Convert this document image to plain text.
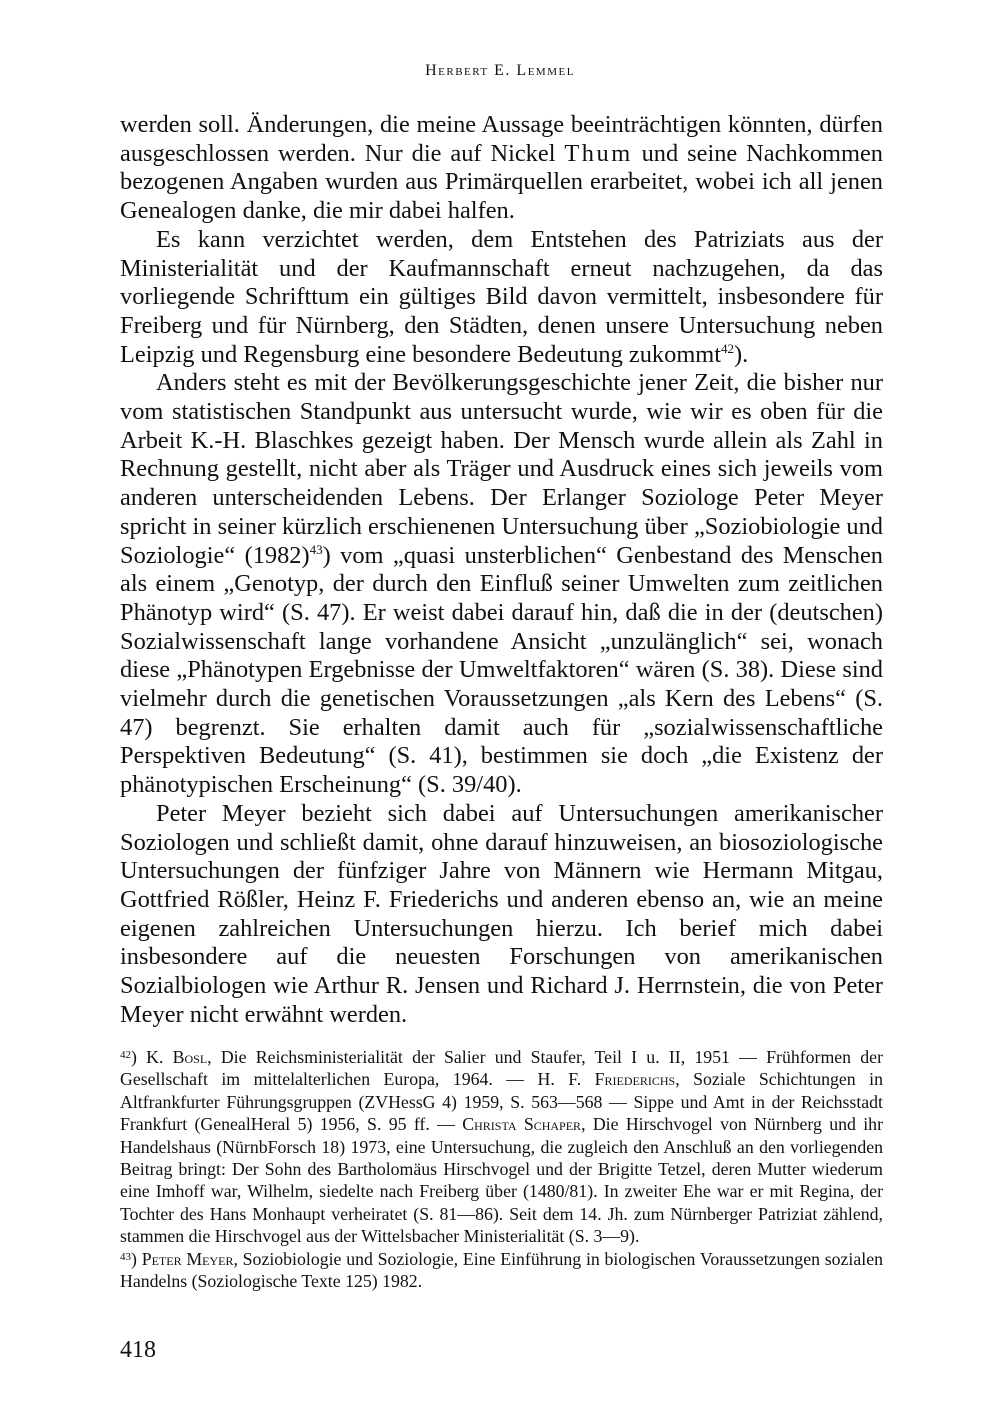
Herbert E. Lemmel

werden soll. Änderungen, die meine Aussage beeinträchtigen könnten, dürfen ausgeschlossen werden. Nur die auf Nickel Thum und seine Nachkommen bezogenen Angaben wurden aus Primärquellen erarbeitet, wobei ich all jenen Genealogen danke, die mir dabei halfen.

Es kann verzichtet werden, dem Entstehen des Patriziats aus der Ministerialität und der Kaufmannschaft erneut nachzugehen, da das vorliegende Schrifttum ein gültiges Bild davon vermittelt, insbesondere für Freiberg und für Nürnberg, den Städten, denen unsere Untersuchung neben Leipzig und Regensburg eine besondere Bedeutung zukommt$^{42}$).

Anders steht es mit der Bevölkerungsgeschichte jener Zeit, die bisher nur vom statistischen Standpunkt aus untersucht wurde, wie wir es oben für die Arbeit K.-H. Blaschkes gezeigt haben. Der Mensch wurde allein als Zahl in Rechnung gestellt, nicht aber als Träger und Ausdruck eines sich jeweils vom anderen unterscheidenden Lebens. Der Erlanger Soziologe Peter Meyer spricht in seiner kürzlich erschienenen Untersuchung über „Soziobiologie und Soziologie“ (1982)$^{43}$) vom „quasi unsterblichen“ Genbestand des Menschen als einem „Genotyp, der durch den Einfluß seiner Umwelten zum zeitlichen Phänotyp wird“ (S. 47). Er weist dabei darauf hin, daß die in der (deutschen) Sozialwissenschaft lange vorhandene Ansicht „unzulänglich“ sei, wonach diese „Phänotypen Ergebnisse der Umweltfaktoren“ wären (S. 38). Diese sind vielmehr durch die genetischen Voraussetzungen „als Kern des Lebens“ (S. 47) begrenzt. Sie erhalten damit auch für „sozialwissenschaftliche Perspektiven Bedeutung“ (S. 41), bestimmen sie doch „die Existenz der phänotypischen Erscheinung“ (S. 39/40).

Peter Meyer bezieht sich dabei auf Untersuchungen amerikanischer Soziologen und schließt damit, ohne darauf hinzuweisen, an biosoziologische Untersuchungen der fünfziger Jahre von Männern wie Hermann Mitgau, Gottfried Rößler, Heinz F. Friederichs und anderen ebenso an, wie an meine eigenen zahlreichen Untersuchungen hierzu. Ich berief mich dabei insbesondere auf die neuesten Forschungen von amerikanischen Sozialbiologen wie Arthur R. Jensen und Richard J. Herrnstein, die von Peter Meyer nicht erwähnt werden.

$^{42}$) K. Bosl, Die Reichsministerialität der Salier und Staufer, Teil I u. II, 1951 — Frühformen der Gesellschaft im mittelalterlichen Europa, 1964. — H. F. Friederichs, Soziale Schichtungen in Altfrankfurter Führungsgruppen (ZVHessG 4) 1959, S. 563—568 — Sippe und Amt in der Reichsstadt Frankfurt (GenealHeral 5) 1956, S. 95 ff. — Christa Schaper, Die Hirschvogel von Nürnberg und ihr Handelshaus (NürnbForsch 18) 1973, eine Untersuchung, die zugleich den Anschluß an den vorliegenden Beitrag bringt: Der Sohn des Bartholomäus Hirschvogel und der Brigitte Tetzel, deren Mutter wiederum eine Imhoff war, Wilhelm, siedelte nach Freiberg über (1480/81). In zweiter Ehe war er mit Regina, der Tochter des Hans Monhaupt verheiratet (S. 81—86). Seit dem 14. Jh. zum Nürnberger Patriziat zählend, stammen die Hirschvogel aus der Wittelsbacher Ministerialität (S. 3—9).

$^{43}$) Peter Meyer, Soziobiologie und Soziologie, Eine Einführung in biologischen Voraussetzungen sozialen Handelns (Soziologische Texte 125) 1982.

418
